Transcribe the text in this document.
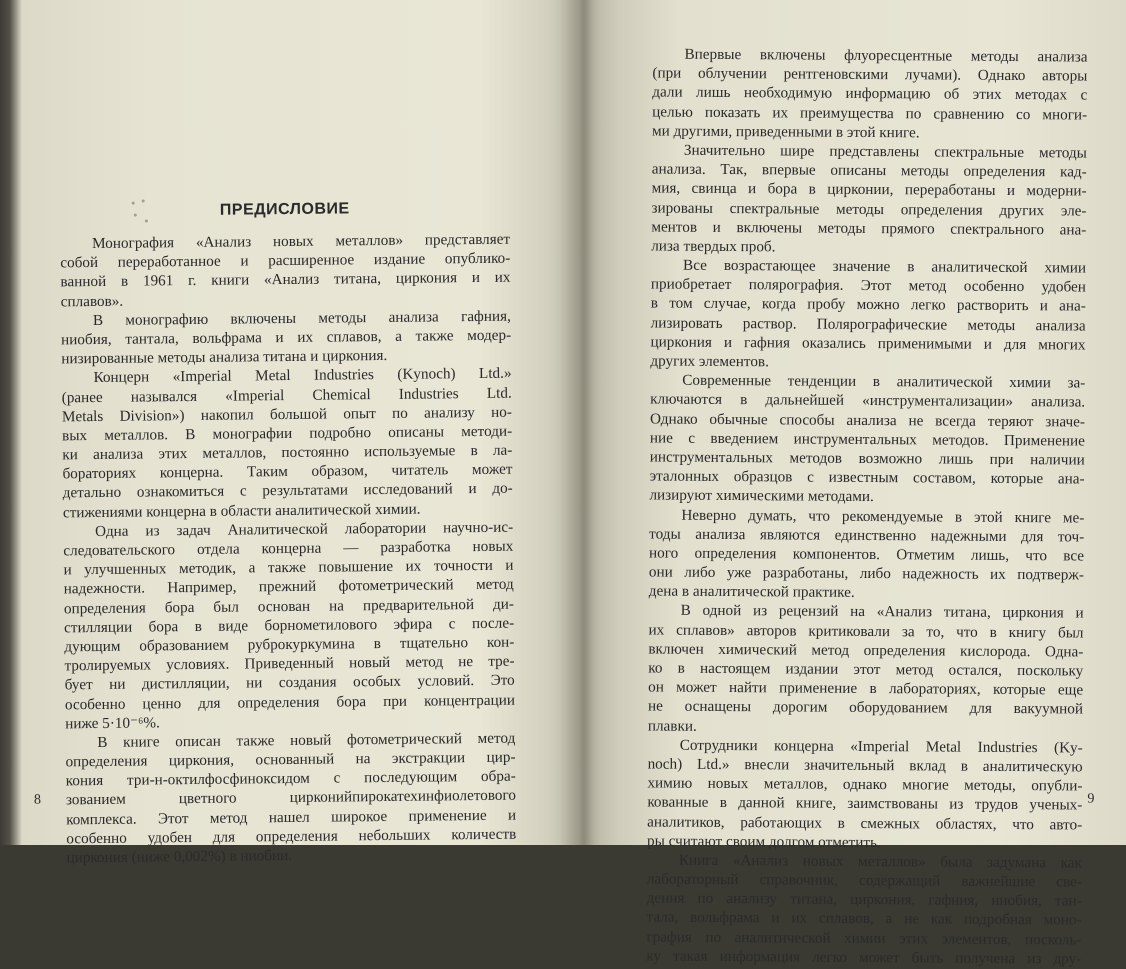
ПРЕДИСЛОВИЕ
Монография «Анализ новых металлов» представляет
собой переработанное и расширенное издание опублико-
ванной в 1961 г. книги «Анализ титана, циркония и их
сплавов».
В монографию включены методы анализа гафния,
ниобия, тантала, вольфрама и их сплавов, а также модер-
низированные методы анализа титана и циркония.
Концерн «Imperial Metal Industries (Kynoch) Ltd.»
(ранее назывался «Imperial Chemical Industries Ltd.
Metals Division») накопил большой опыт по анализу но-
вых металлов. В монографии подробно описаны методи-
ки анализа этих металлов, постоянно используемые в ла-
бораториях концерна. Таким образом, читатель может
детально ознакомиться с результатами исследований и до-
стижениями концерна в области аналитической химии.
Одна из задач Аналитической лаборатории научно-ис-
следовательского отдела концерна — разработка новых
и улучшенных методик, а также повышение их точности и
надежности. Например, прежний фотометрический метод
определения бора был основан на предварительной ди-
стилляции бора в виде борнометилового эфира с после-
дующим образованием руброкуркумина в тщательно кон-
тролируемых условиях. Приведенный новый метод не тре-
бует ни дистилляции, ни создания особых условий. Это
особенно ценно для определения бора при концентрации
ниже 5·10⁻⁶%.
В книге описан также новый фотометрический метод
определения циркония, основанный на экстракции цир-
кония три-н-октилфосфиноксидом с последующим обра-
зованием цветного цирконийпирокатехинфиолетового
комплекса. Этот метод нашел широкое применение и
особенно удобен для определения небольших количеств
циркония (ниже 0,002%) в ниобии.
8
Впервые включены флуоресцентные методы анализа
(при облучении рентгеновскими лучами). Однако авторы
дали лишь необходимую информацию об этих методах с
целью показать их преимущества по сравнению со многи-
ми другими, приведенными в этой книге.
Значительно шире представлены спектральные методы
анализа. Так, впервые описаны методы определения кад-
мия, свинца и бора в цирконии, переработаны и модерни-
зированы спектральные методы определения других эле-
ментов и включены методы прямого спектрального ана-
лиза твердых проб.
Все возрастающее значение в аналитической химии
приобретает полярография. Этот метод особенно удобен
в том случае, когда пробу можно легко растворить и ана-
лизировать раствор. Полярографические методы анализа
циркония и гафния оказались применимыми и для многих
других элементов.
Современные тенденции в аналитической химии за-
ключаются в дальнейшей «инструментализации» анализа.
Однако обычные способы анализа не всегда теряют значе-
ние с введением инструментальных методов. Применение
инструментальных методов возможно лишь при наличии
эталонных образцов с известным составом, которые ана-
лизируют химическими методами.
Неверно думать, что рекомендуемые в этой книге ме-
тоды анализа являются единственно надежными для точ-
ного определения компонентов. Отметим лишь, что все
они либо уже разработаны, либо надежность их подтверж-
дена в аналитической практике.
В одной из рецензий на «Анализ титана, циркония и
их сплавов» авторов критиковали за то, что в книгу был
включен химический метод определения кислорода. Одна-
ко в настоящем издании этот метод остался, поскольку
он может найти применение в лабораториях, которые еще
не оснащены дорогим оборудованием для вакуумной
плавки.
Сотрудники концерна «Imperial Metal Industries (Ky-
noch) Ltd.» внесли значительный вклад в аналитическую
химию новых металлов, однако многие методы, опубли-
кованные в данной книге, заимствованы из трудов ученых-
аналитиков, работающих в смежных областях, что авто-
ры считают своим долгом отметить.
Книга «Анализ новых металлов» была задумана как
лабораторный справочник, содержащий важнейшие све-
дения по анализу титана, циркония, гафния, ниобия, тан-
тала, вольфрама и их сплавов, а не как подробная моно-
графия по аналитической химии этих элементов, посколь-
ку такая информация легко может быть получена из дру-
9
